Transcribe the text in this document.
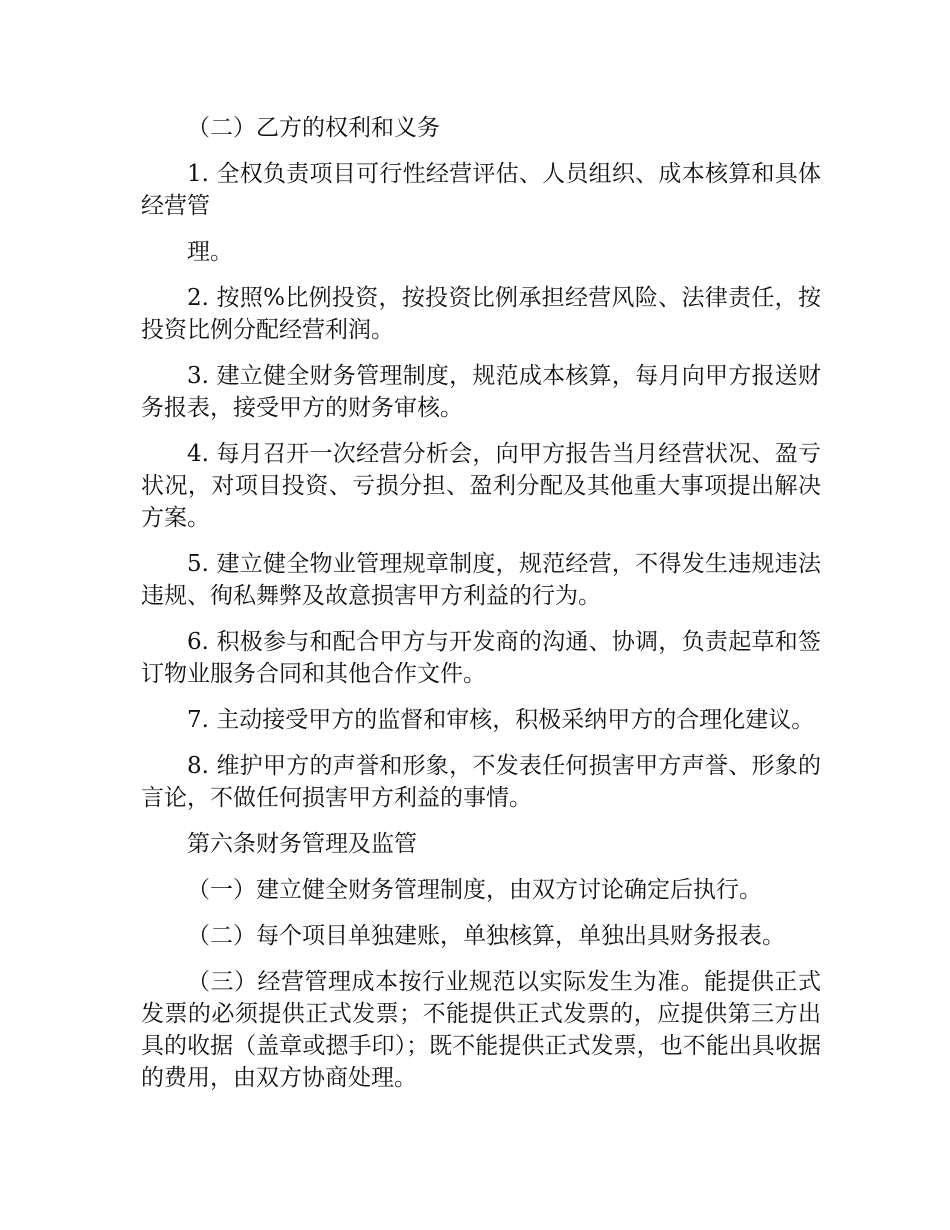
（二）乙方的权利和义务

1. 全权负责项目可行性经营评估、人员组织、成本核算和具体经营管

理。

2. 按照%比例投资，按投资比例承担经营风险、法律责任，按投资比例分配经营利润。

3. 建立健全财务管理制度，规范成本核算，每月向甲方报送财务报表，接受甲方的财务审核。

4. 每月召开一次经营分析会，向甲方报告当月经营状况、盈亏状况，对项目投资、亏损分担、盈利分配及其他重大事项提出解决方案。

5. 建立健全物业管理规章制度，规范经营，不得发生违规违法违规、徇私舞弊及故意损害甲方利益的行为。

6. 积极参与和配合甲方与开发商的沟通、协调，负责起草和签订物业服务合同和其他合作文件。

7. 主动接受甲方的监督和审核，积极采纳甲方的合理化建议。

8. 维护甲方的声誉和形象，不发表任何损害甲方声誉、形象的言论，不做任何损害甲方利益的事情。

第六条财务管理及监管

（一）建立健全财务管理制度，由双方讨论确定后执行。

（二）每个项目单独建账，单独核算，单独出具财务报表。

（三）经营管理成本按行业规范以实际发生为准。能提供正式发票的必须提供正式发票；不能提供正式发票的，应提供第三方出具的收据（盖章或摁手印）；既不能提供正式发票，也不能出具收据的费用，由双方协商处理。
